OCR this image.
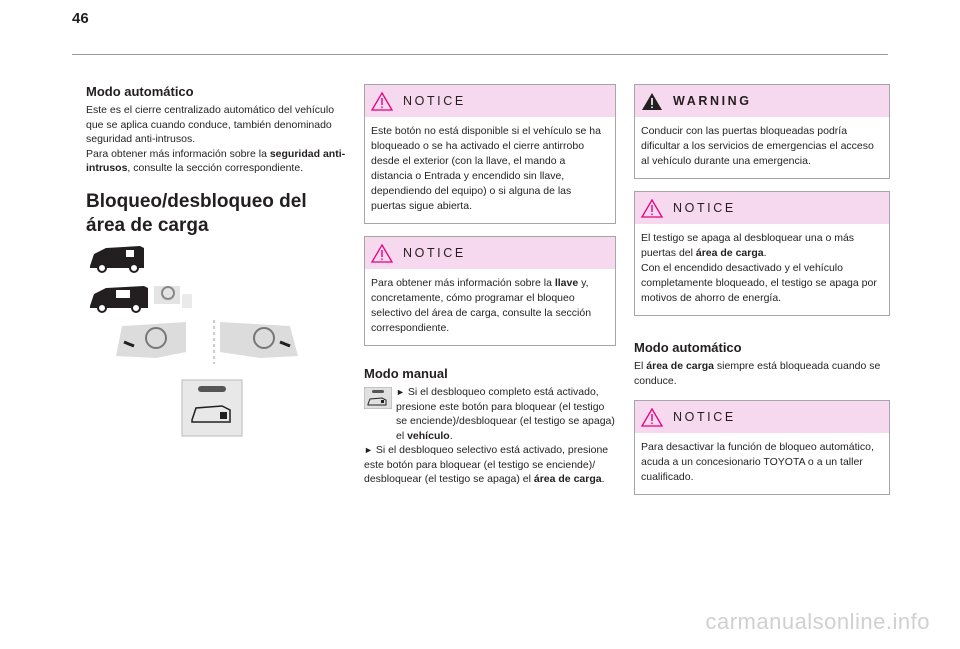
46
Modo automático

Este es el cierre centralizado automático del vehículo que se aplica cuando conduce, también denominado seguridad anti-intrusos.

Para obtener más información sobre la seguridad anti-intrusos, consulte la sección correspondiente.

Bloqueo/desbloqueo del área de carga
NOTICE
Este botón no está disponible si el vehículo se ha bloqueado o se ha activado el cierre antirrobo desde el exterior (con la llave, el mando a distancia o Entrada y encendido sin llave, dependiendo del equipo) o si alguna de las puertas sigue abierta.
NOTICE
Para obtener más información sobre la llave y, concretamente, cómo programar el bloqueo selectivo del área de carga, consulte la sección correspondiente.
Modo manual

► Si el desbloqueo completo está activado, presione este botón para bloquear (el testigo se enciende)/desbloquear (el testigo se apaga) el vehículo.

► Si el desbloqueo selectivo está activado, presione este botón para bloquear (el testigo se enciende)/ desbloquear (el testigo se apaga) el área de carga.

WARNING
Conducir con las puertas bloqueadas podría dificultar a los servicios de emergencias el acceso al vehículo durante una emergencia.
NOTICE
El testigo se apaga al desbloquear una o más puertas del área de carga.
Con el encendido desactivado y el vehículo completamente bloqueado, el testigo se apaga por motivos de ahorro de energía.
Modo automático

El área de carga siempre está bloqueada cuando se conduce.

NOTICE
Para desactivar la función de bloqueo automático, acuda a un concesionario TOYOTA o a un taller cualificado.
carmanualsonline.info
